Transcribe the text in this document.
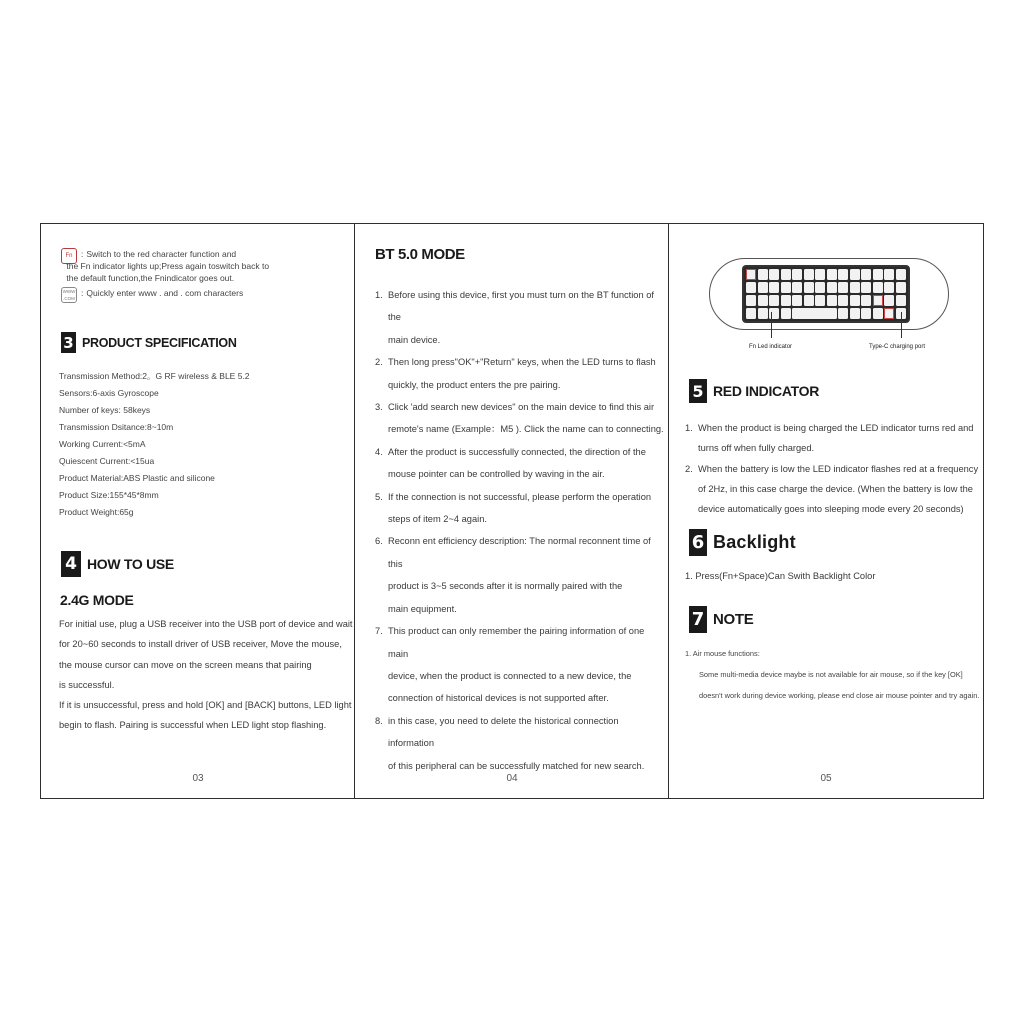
Fn	: Switch to the red character function and
the Fn indicator lights up;Press again toswitch back to
the default function,the Fnindicator goes out.
WWW
.COM
: Quickly enter www . and . com characters
3 PRODUCT SPECIFICATION
Transmission Method:2。G RF wireless & BLE 5.2
Sensors:6-axis Gyroscope
Number of keys: 58keys
Transmission Dsitance:8~10m
Working Current:<5mA
Quiescent Current:<15ua
Product Material:ABS Plastic and silicone
Product Size:155*45*8mm
Product Weight:65g
4 HOW TO USE
2.4G MODE
For initial use, plug a USB receiver into the USB port of device and wait
for 20~60 seconds to install driver of USB receiver, Move the mouse,
the mouse cursor can move on the screen means that pairing
is successful.
If it is unsuccessful, press and hold [OK] and [BACK] buttons, LED light
begin to flash. Pairing is successful when LED light stop flashing.
03
BT 5.0 MODE
1. Before using this device, first you must turn on the BT function of the
main device.
2. Then long press"OK"+"Return" keys, when the LED turns to flash
quickly, the product enters the pre pairing.
3. Click 'add search new devices" on the main device to find this air
remote's name (Example：M5 ). Click the name can to connecting.
4. After the product is successfully connected, the direction of the
mouse pointer can be controlled by waving in the air.
5. If the connection is not successful, please perform the operation
steps of item 2~4 again.
6. Reconn ent efficiency description: The normal reconnent time of this
product is 3~5 seconds after it is normally paired with the
main equipment.
7. This product can only remember the pairing information of one main
device, when the product is connected to a new device, the
connection of historical devices is not supported after.
8. in this case, you need to delete the historical connection information
of this peripheral can be successfully matched for new search.
04
Fn Led indicator	Type-C charging port
5 RED INDICATOR
1. When the product is being charged the LED indicator turns red and
turns off when fully charged.
2. When the battery is low the LED indicator flashes red at a frequency
of 2Hz, in this case charge the device. (When the battery is low the
device automatically goes into sleeping mode every 20 seconds)
6 Backlight
1. Press(Fn+Space)Can Swith Backlight Color
7 NOTE
1. Air mouse functions:
Some multi-media device maybe is not available for air mouse, so if the key [OK]
doesn't work during device working, please end close air mouse pointer and try again.
05
